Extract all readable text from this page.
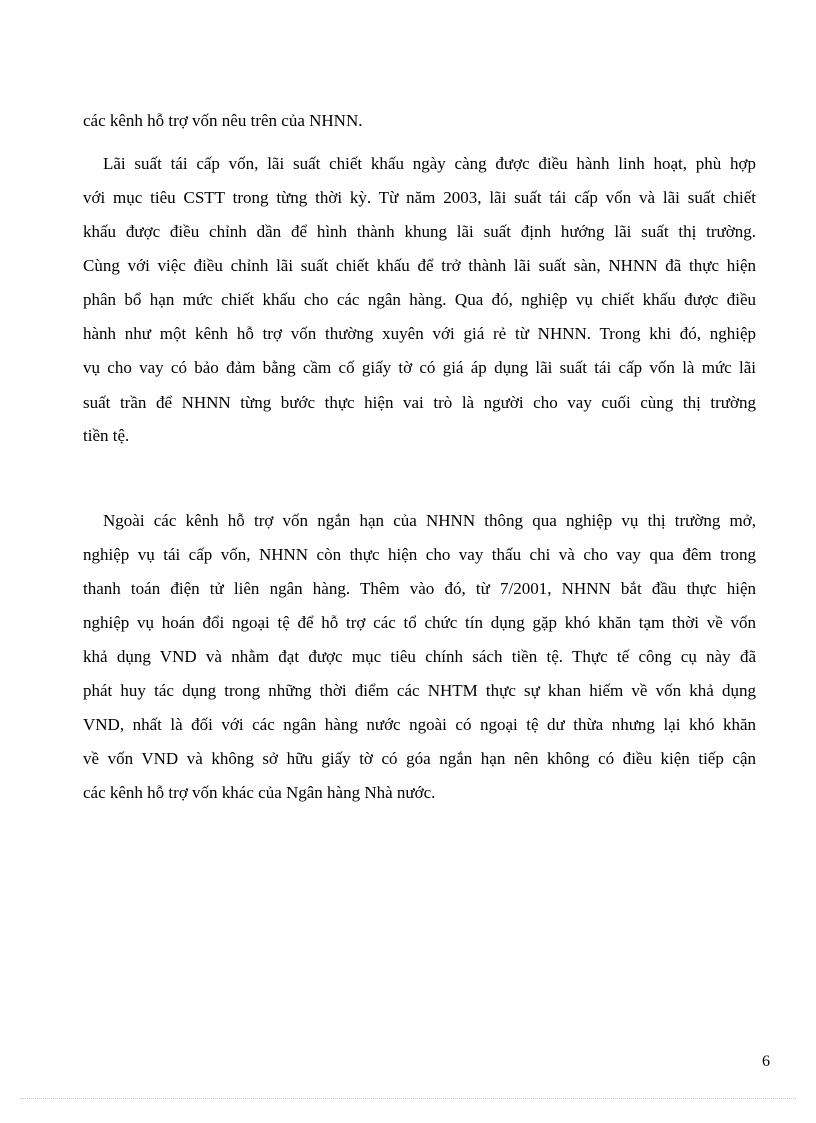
các kênh hỗ trợ vốn nêu trên của NHNN.
Lãi suất tái cấp vốn, lãi suất chiết khấu ngày càng được điều hành linh hoạt, phù hợp
với mục tiêu CSTT trong từng thời kỳ. Từ năm 2003, lãi suất tái cấp vốn và lãi suất chiết
khấu được điều chỉnh dần để hình thành khung lãi suất định hướng lãi suất thị trường.
Cùng với việc điều chỉnh lãi suất chiết khấu để trở thành lãi suất sàn, NHNN đã thực hiện
phân bổ hạn mức chiết khấu cho các ngân hàng. Qua đó, nghiệp vụ chiết khấu được điều
hành như một kênh hỗ trợ vốn thường xuyên với giá rẻ từ NHNN. Trong khi đó, nghiệp
vụ cho vay có bảo đảm bằng cầm cố giấy tờ có giá áp dụng lãi suất tái cấp vốn là mức lãi
suất trần để NHNN từng bước thực hiện vai trò là người cho vay cuối cùng thị trường
tiền tệ.
Ngoài các kênh hỗ trợ vốn ngắn hạn của NHNN thông qua nghiệp vụ thị trường mở,
nghiệp vụ tái cấp vốn, NHNN còn thực hiện cho vay thấu chi và cho vay qua đêm trong
thanh toán điện tử liên ngân hàng. Thêm vào đó, từ 7/2001, NHNN bắt đầu thực hiện
nghiệp vụ hoán đổi ngoại tệ để hỗ trợ các tổ chức tín dụng gặp khó khăn tạm thời về vốn
khả dụng VND và nhằm đạt được mục tiêu chính sách tiền tệ. Thực tế công cụ này đã
phát huy tác dụng trong những thời điểm các NHTM thực sự khan hiếm về vốn khả dụng
VND, nhất là đối với các ngân hàng nước ngoài có ngoại tệ dư thừa nhưng lại khó khăn
về vốn VND và không sở hữu giấy tờ có góa ngắn hạn nên không có điều kiện tiếp cận
các kênh hỗ trợ vốn khác của Ngân hàng Nhà nước.
6
